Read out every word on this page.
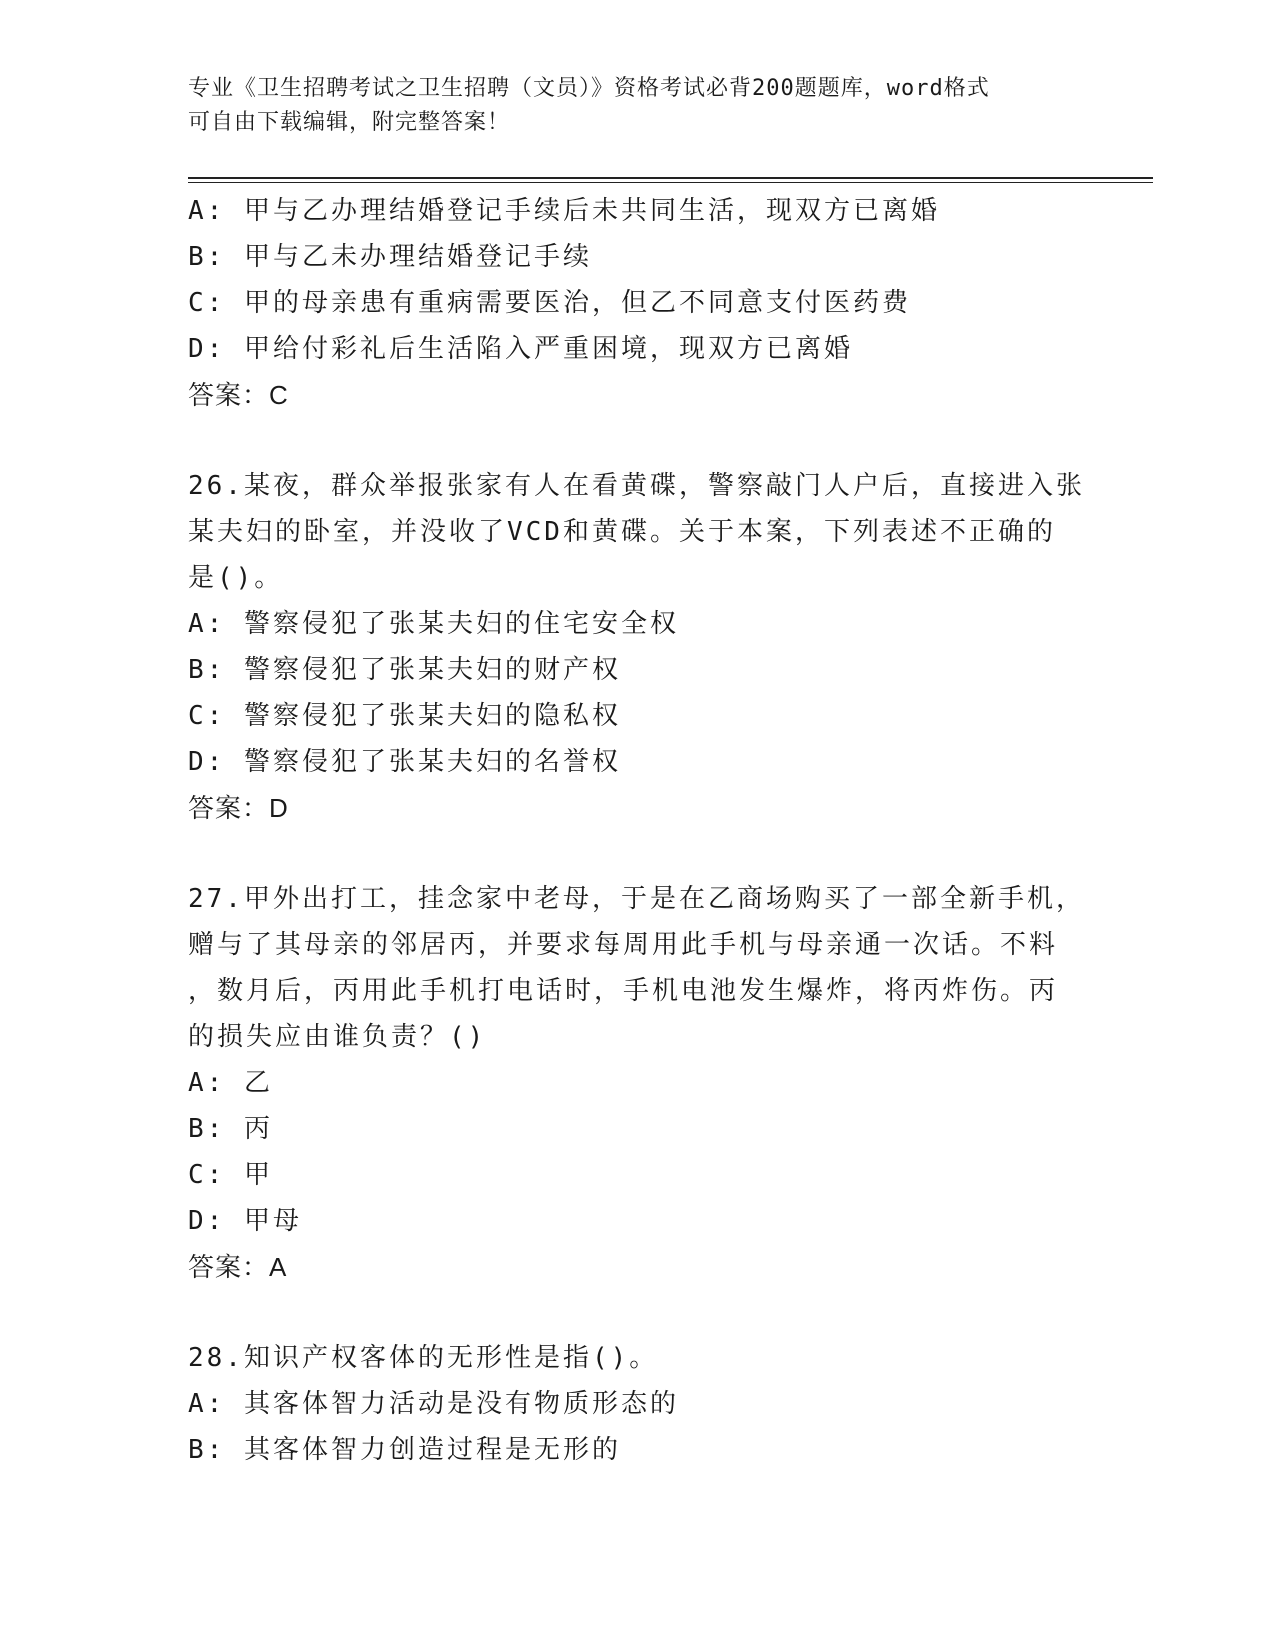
专业《卫生招聘考试之卫生招聘（文员）》资格考试必背200题题库，word格式
可自由下载编辑，附完整答案！
A: 甲与乙办理结婚登记手续后未共同生活，现双方已离婚
B: 甲与乙未办理结婚登记手续
C: 甲的母亲患有重病需要医治，但乙不同意支付医药费
D: 甲给付彩礼后生活陷入严重困境，现双方已离婚
答案：C
26.某夜，群众举报张家有人在看黄碟，警察敲门人户后，直接进入张
某夫妇的卧室，并没收了VCD和黄碟。关于本案，下列表述不正确的
是()。
A: 警察侵犯了张某夫妇的住宅安全权
B: 警察侵犯了张某夫妇的财产权
C: 警察侵犯了张某夫妇的隐私权
D: 警察侵犯了张某夫妇的名誉权
答案：D
27.甲外出打工，挂念家中老母，于是在乙商场购买了一部全新手机，
赠与了其母亲的邻居丙，并要求每周用此手机与母亲通一次话。不料
，数月后，丙用此手机打电话时，手机电池发生爆炸，将丙炸伤。丙
的损失应由谁负责？()
A: 乙
B: 丙
C: 甲
D: 甲母
答案：A
28.知识产权客体的无形性是指()。
A: 其客体智力活动是没有物质形态的
B: 其客体智力创造过程是无形的
